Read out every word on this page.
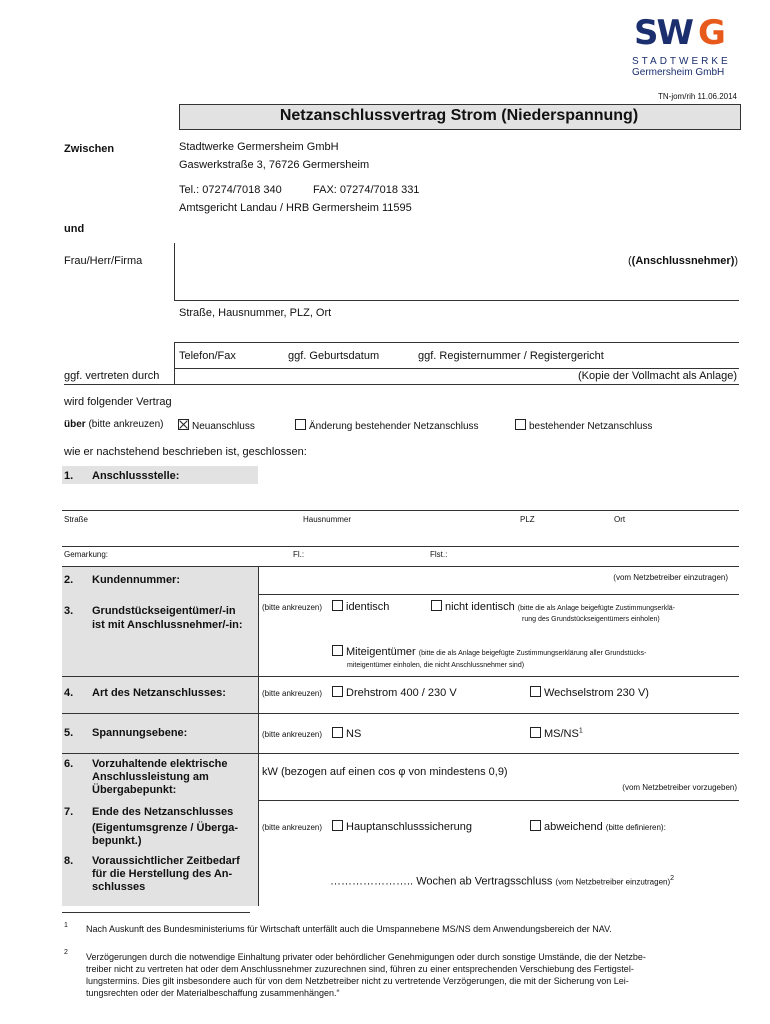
SW G
STADTWERKE
Germersheim GmbH
TN-jom/rih 11.06.2014
Netzanschlussvertrag Strom (Niederspannung)
Zwischen	Stadtwerke Germersheim GmbH
Gaswerkstraße 3, 76726 Germersheim
Tel.: 07274/7018 340	FAX: 07274/7018 331
Amtsgericht Landau / HRB Germersheim 11595
und
Frau/Herr/Firma	((Anschlussnehmer))
Straße, Hausnummer, PLZ, Ort
Telefon/Fax	ggf. Geburtsdatum	ggf. Registernummer / Registergericht
ggf. vertreten durch	(Kopie der Vollmacht als Anlage)
wird folgender Vertrag
über (bitte ankreuzen)	Neuanschluss	Änderung bestehender Netzanschluss	bestehender Netzanschluss
wie er nachstehend beschrieben ist, geschlossen:
1. Anschlussstelle:
Straße	Hausnummer	PLZ	Ort
Gemarkung:	Fl.:	Flst.:
2. Kundennummer:	(vom Netzbetreiber einzutragen)
3. Grundstückseigentümer/-in
ist mit Anschlussnehmer/-in:
(bitte ankreuzen)	identisch	nicht identisch (bitte die als Anlage beigefügte Zustimmungserklä-
rung des Grundstückseigentümers einholen)
Miteigentümer (bitte die als Anlage beigefügte Zustimmungserklärung aller Grundstücks-
miteigentümer einholen, die nicht Anschlussnehmer sind)
4. Art des Netzanschlusses:	(bitte ankreuzen)	Drehstrom 400 / 230 V	Wechselstrom 230 V)
5. Spannungsebene:	(bitte ankreuzen)	NS	$MS/NS^1$
6. Vorzuhaltende elektrische
Anschlussleistung am
Übergabepunkt:
kW (bezogen auf einen cos φ von mindestens 0,9)
(vom Netzbetreiber vorzugeben)
7. Ende des Netzanschlusses
(Eigentumsgrenze / Überga-
bepunkt.)
(bitte ankreuzen)	Hauptanschlusssicherung	abweichend (bitte definieren):
8. Voraussichtlicher Zeitbedarf
für die Herstellung des An-
schlusses	………………….. Wochen ab Vertragsschluss (vom Netzbetreiber einzutragen)$^2$
1 Nach Auskunft des Bundesministeriums für Wirtschaft unterfällt auch die Umspannebene MS/NS dem Anwendungsbereich der NAV.
2 Verzögerungen durch die notwendige Einhaltung privater oder behördlicher Genehmigungen oder durch sonstige Umstände, die der Netzbe-
treiber nicht zu vertreten hat oder dem Anschlussnehmer zuzurechnen sind, führen zu einer entsprechenden Verschiebung des Fertigstel-
lungstermins. Dies gilt insbesondere auch für von dem Netzbetreiber nicht zu vertretende Verzögerungen, die mit der Sicherung von Lei-
tungsrechten oder der Materialbeschaffung zusammenhängen.“
